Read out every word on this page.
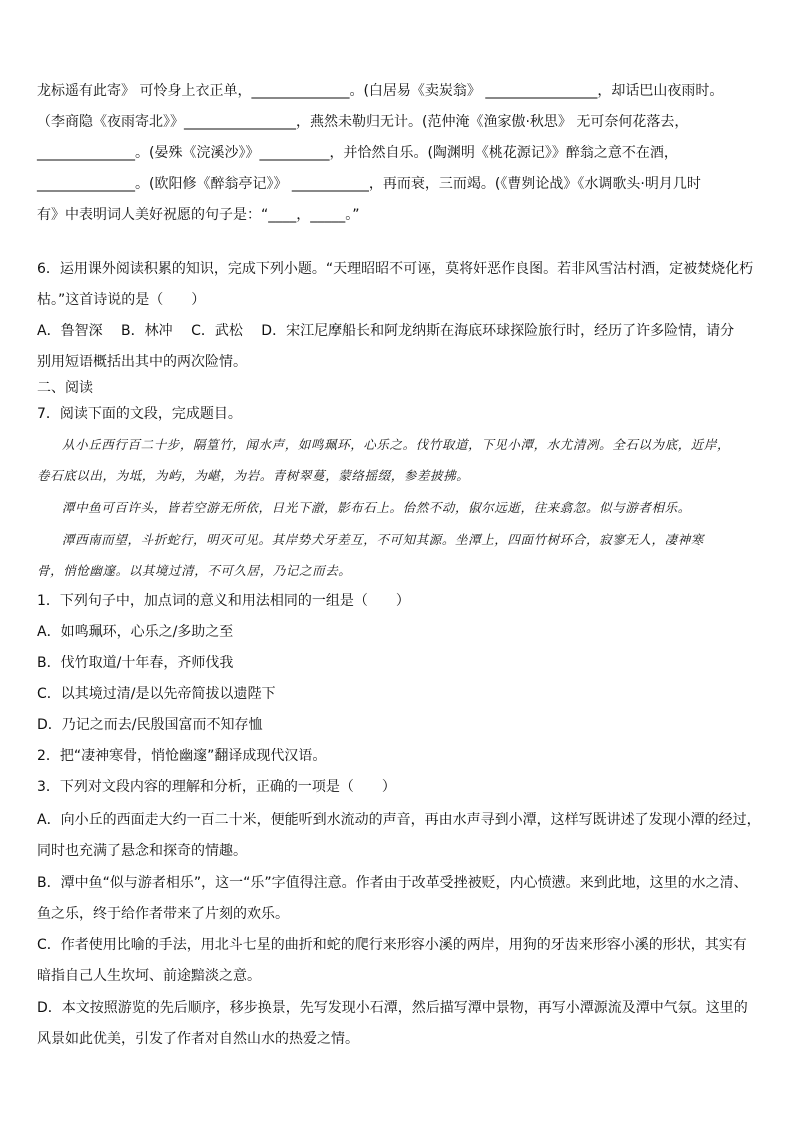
龙标遥有此寄》 可怜身上衣正单，______________。(白居易《卖炭翁》 ________________，却话巴山夜雨时。
（李商隐《夜雨寄北》》________________，燕然未勒归无计。(范仲淹《渔家傲·秋思》 无可奈何花落去，
______________。(晏殊《浣溪沙》》__________，并恰然自乐。(陶渊明《桃花源记》》醉翁之意不在酒，
______________。(欧阳修《醉翁亭记》》 ___________，再而衰，三而竭。(《曹刿论战》《水调歌头·明月几时
有》中表明词人美好祝愿的句子是：“____，_____。”
6．运用课外阅读积累的知识，完成下列小题。“天理昭昭不可诬，莫将奸恶作良图。若非风雪沽村酒，定被焚烧化朽
枯。”这首诗说的是（　　）
A．鲁智深　 B．林冲　 C．武松　 D．宋江尼摩船长和阿龙纳斯在海底环球探险旅行时，经历了许多险情，请分
别用短语概括出其中的两次险情。
二、阅读
7．阅读下面的文段，完成题目。
从小丘西行百二十步，隔篁竹，闻水声，如鸣珮环，心乐之。伐竹取道，下见小潭，水尤清冽。全石以为底，近岸，
卷石底以出，为坻，为屿，为嵁，为岩。青树翠蔓，蒙络摇缀，参差披拂。
潭中鱼可百许头，皆若空游无所依，日光下澈，影布石上。佁然不动，俶尔远逝，往来翕忽。似与游者相乐。
潭西南而望，斗折蛇行，明灭可见。其岸势犬牙差互，不可知其源。坐潭上，四面竹树环合，寂寥无人，凄神寒
骨，悄怆幽邃。以其境过清，不可久居，乃记之而去。
1．下列句子中，加点词的意义和用法相同的一组是（　　）
A．如鸣珮环，心乐之/多助之至
B．伐竹取道/十年春，齐师伐我
C．以其境过清/是以先帝简拔以遗陛下
D．乃记之而去/民殷国富而不知存恤
2．把“凄神寒骨，悄怆幽邃”翻译成现代汉语。
3．下列对文段内容的理解和分析，正确的一项是（　　）
A．向小丘的西面走大约一百二十米，便能听到水流动的声音，再由水声寻到小潭，这样写既讲述了发现小潭的经过，
同时也充满了悬念和探奇的情趣。
B．潭中鱼“似与游者相乐”，这一“乐”字值得注意。作者由于改革受挫被贬，内心愤懑。来到此地，这里的水之清、
鱼之乐，终于给作者带来了片刻的欢乐。
C．作者使用比喻的手法，用北斗七星的曲折和蛇的爬行来形容小溪的两岸，用狗的牙齿来形容小溪的形状，其实有
暗指自己人生坎坷、前途黯淡之意。
D．本文按照游览的先后顺序，移步换景，先写发现小石潭，然后描写潭中景物，再写小潭源流及潭中气氛。这里的
风景如此优美，引发了作者对自然山水的热爱之情。
